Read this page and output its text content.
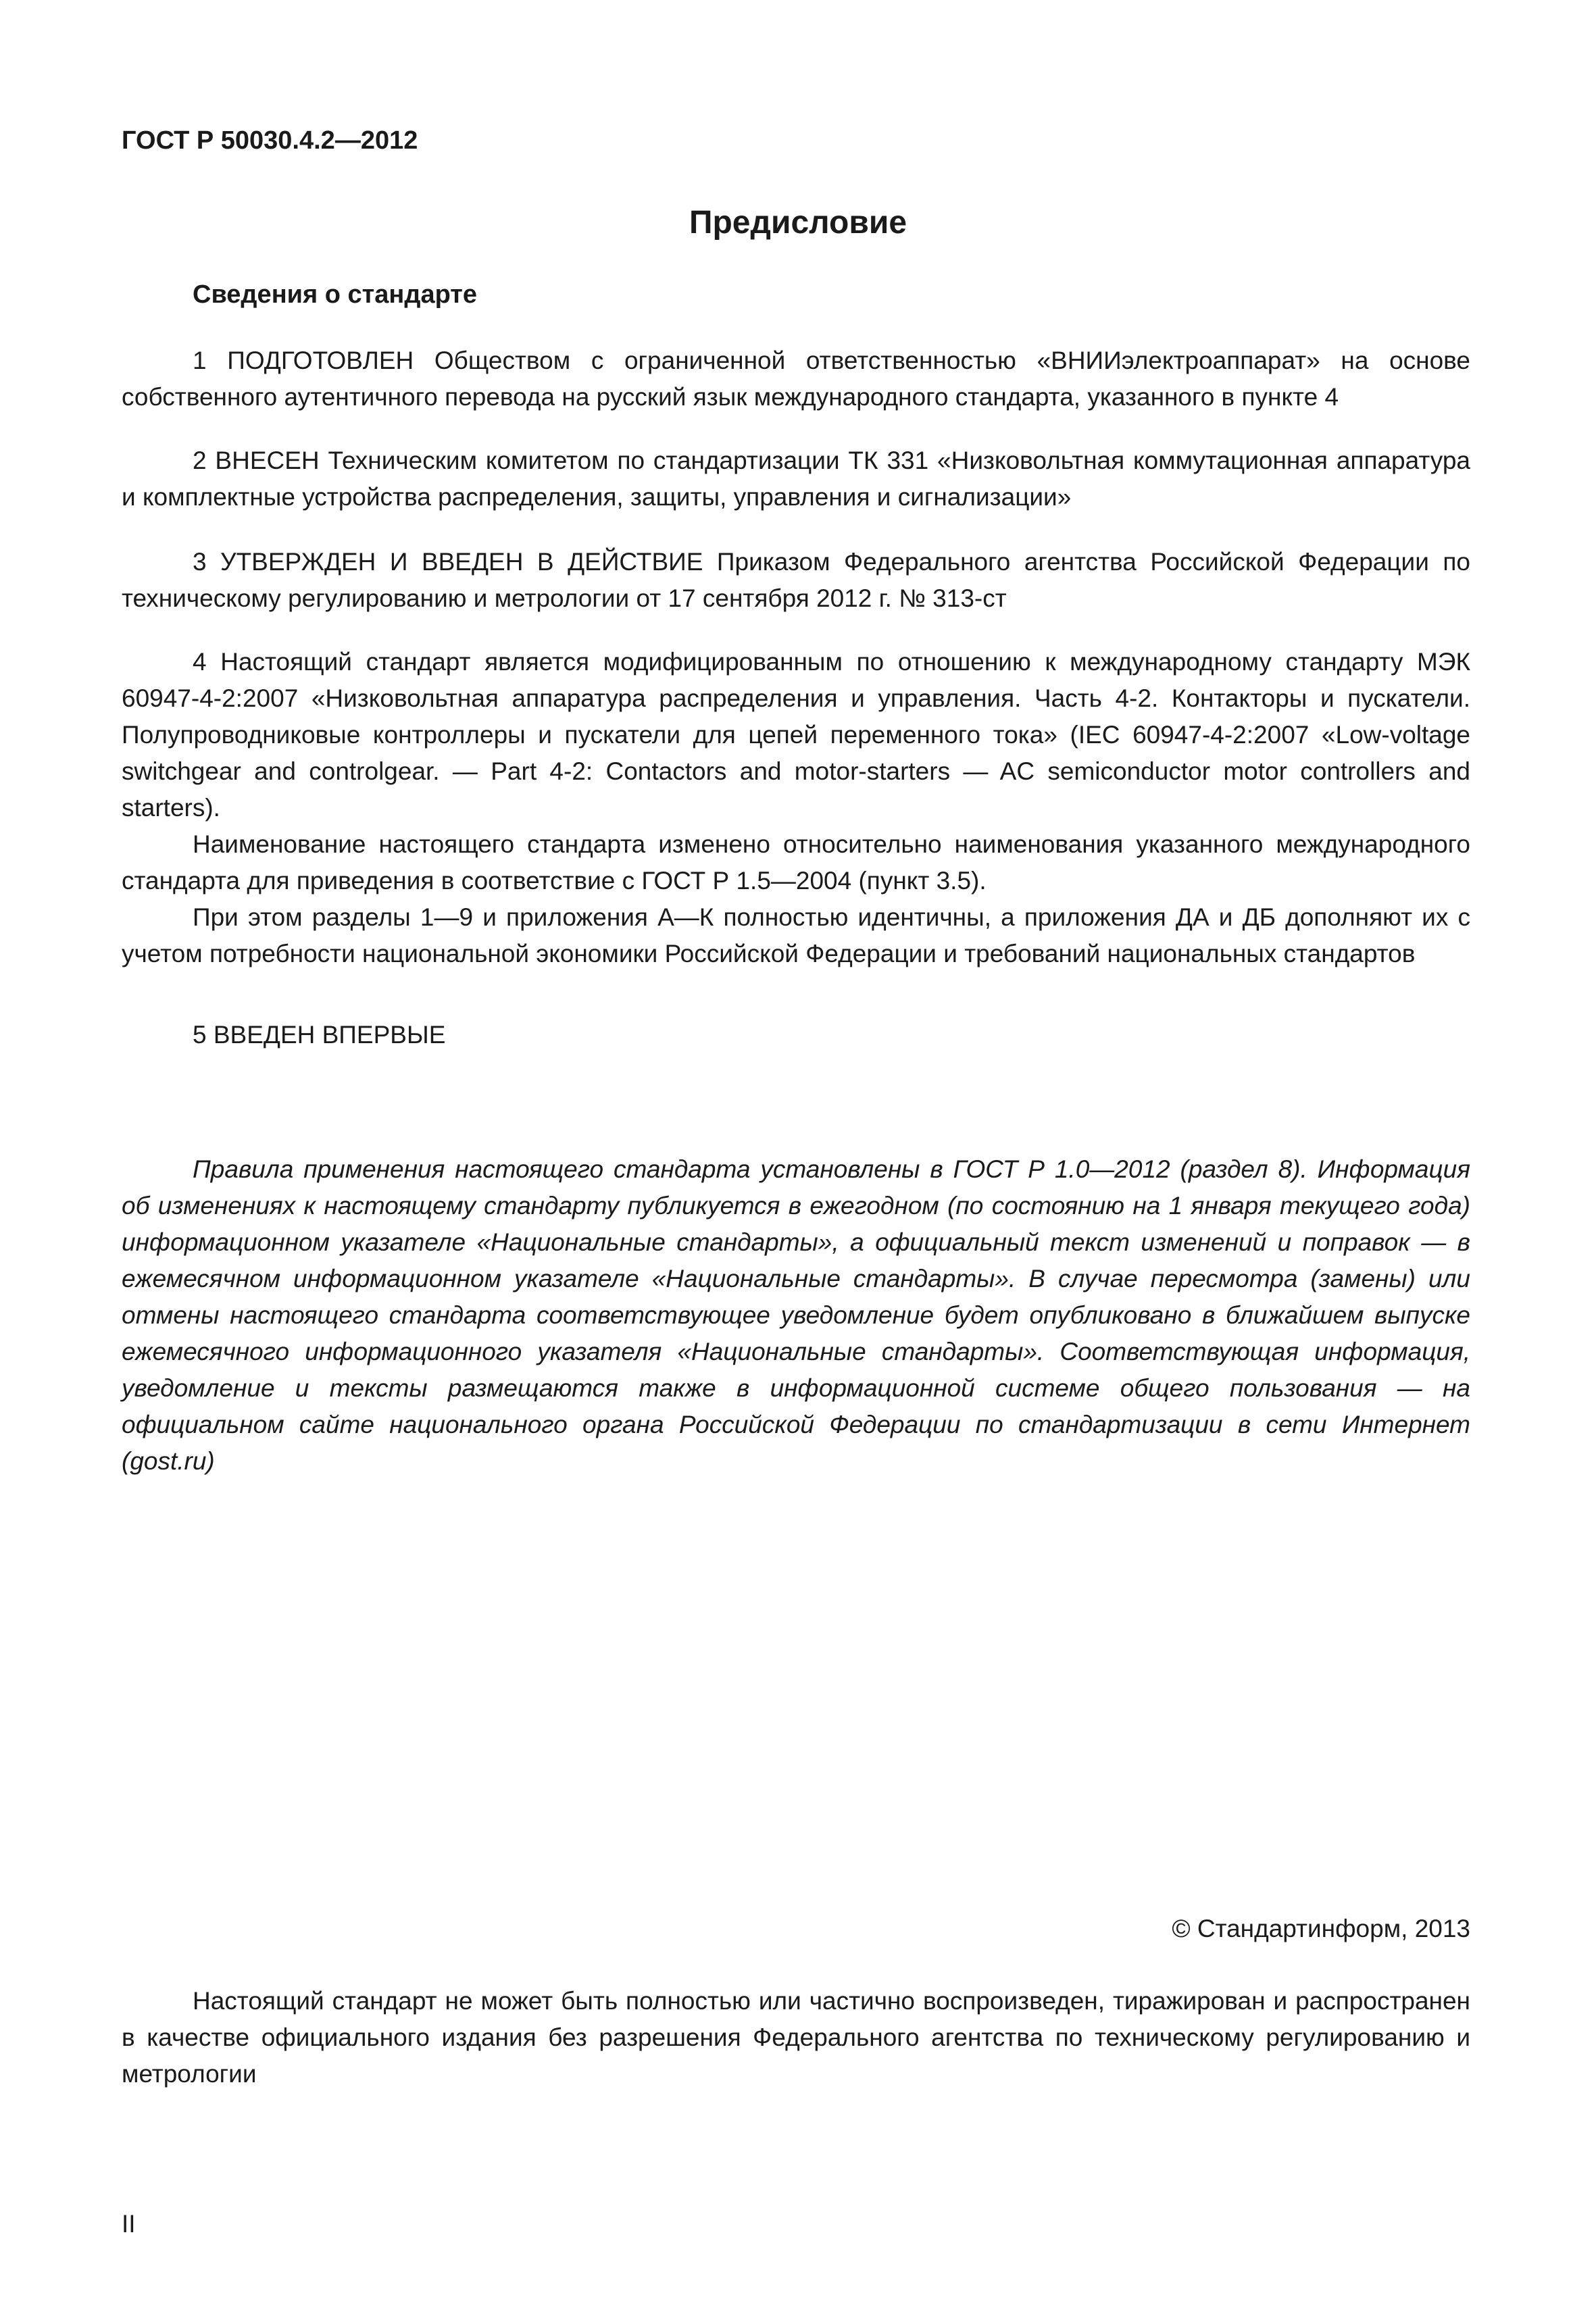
ГОСТ Р 50030.4.2—2012

Предисловие

Сведения о стандарте

1 ПОДГОТОВЛЕН Обществом с ограниченной ответственностью «ВНИИэлектроаппарат» на основе собственного аутентичного перевода на русский язык международного стандарта, указанного в пункте 4

2 ВНЕСЕН Техническим комитетом по стандартизации ТК 331 «Низковольтная коммутационная аппаратура и комплектные устройства распределения, защиты, управления и сигнализации»

3 УТВЕРЖДЕН И ВВЕДЕН В ДЕЙСТВИЕ Приказом Федерального агентства Российской Федерации по техническому регулированию и метрологии от 17 сентября 2012 г. № 313-ст

4 Настоящий стандарт является модифицированным по отношению к международному стандарту МЭК 60947-4-2:2007 «Низковольтная аппаратура распределения и управления. Часть 4-2. Контакторы и пускатели. Полупроводниковые контроллеры и пускатели для цепей переменного тока» (IEC 60947-4-2:2007 «Low-voltage switchgear and controlgear. — Part 4-2: Contactors and motor-starters — AC semiconductor motor controllers and starters).

Наименование настоящего стандарта изменено относительно наименования указанного международного стандарта для приведения в соответствие с ГОСТ Р 1.5—2004 (пункт 3.5).

При этом разделы 1—9 и приложения А—К полностью идентичны, а приложения ДА и ДБ дополняют их с учетом потребности национальной экономики Российской Федерации и требований национальных стандартов

5 ВВЕДЕН ВПЕРВЫЕ

Правила применения настоящего стандарта установлены в ГОСТ Р 1.0—2012 (раздел 8). Информация об изменениях к настоящему стандарту публикуется в ежегодном (по состоянию на 1 января текущего года) информационном указателе «Национальные стандарты», а официальный текст изменений и поправок — в ежемесячном информационном указателе «Национальные стандарты». В случае пересмотра (замены) или отмены настоящего стандарта соответствующее уведомление будет опубликовано в ближайшем выпуске ежемесячного информационного указателя «Национальные стандарты». Соответствующая информация, уведомление и тексты размещаются также в информационной системе общего пользования — на официальном сайте национального органа Российской Федерации по стандартизации в сети Интернет (gost.ru)

© Стандартинформ, 2013

Настоящий стандарт не может быть полностью или частично воспроизведен, тиражирован и распространен в качестве официального издания без разрешения Федерального агентства по техническому регулированию и метрологии

II
